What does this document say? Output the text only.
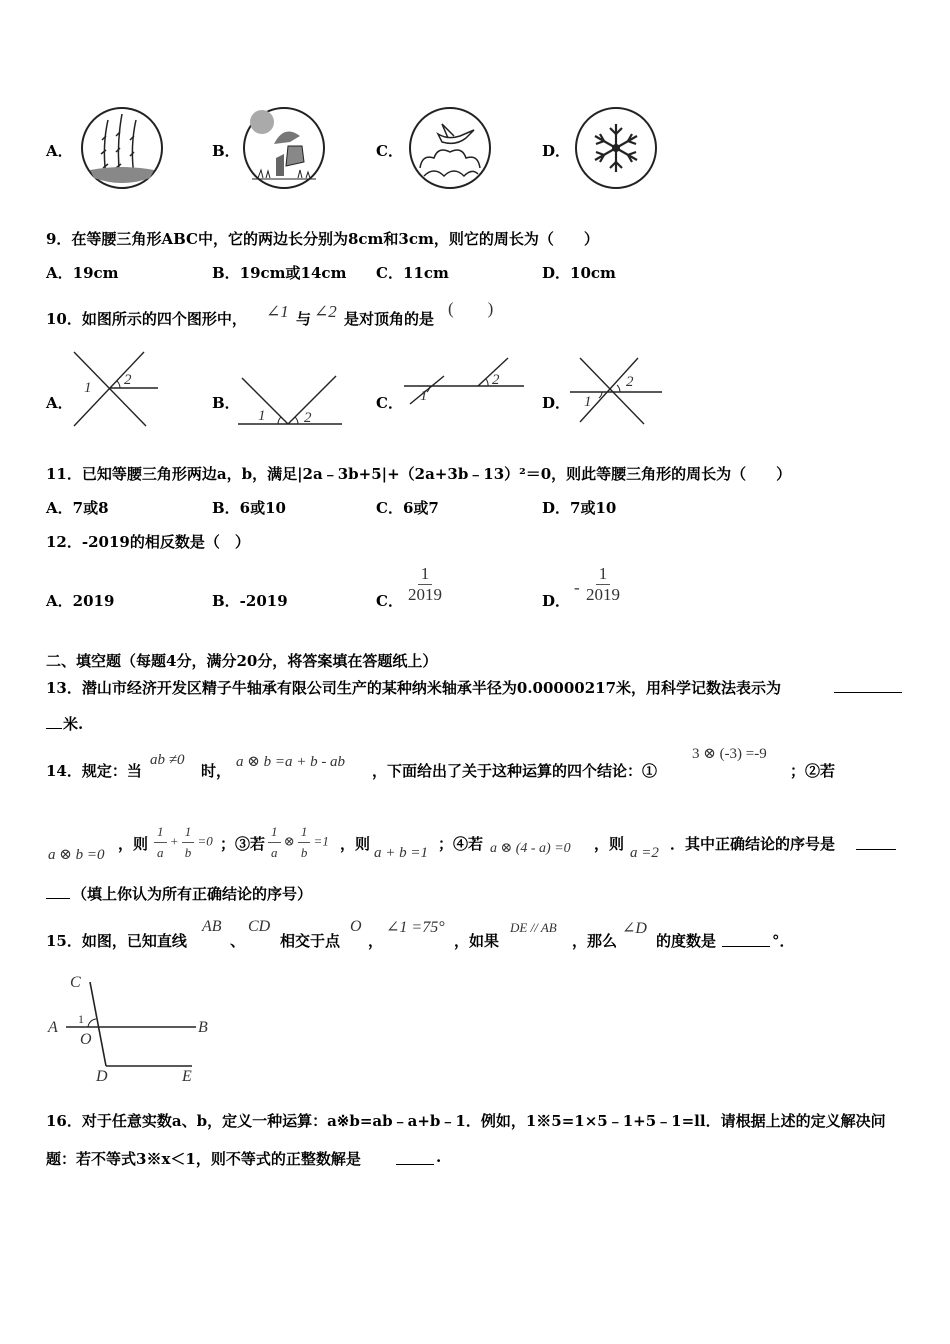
A．	B．	C．	D．
9．在等腰三角形ABC中，它的两边长分别为8cm和3cm，则它的周长为（　　）
A．19cm	B．19cm或14cm C．11cm	D．10cm
10．如图所示的四个图形中， ∠1 与 ∠2 是对顶角的是
(　　)
A．
1 2
B．
1	2
C． 1
2
D． 1
2
11．已知等腰三角形两边a，b，满足|2a﹣3b+5|+（2a+3b﹣13）²＝0，则此等腰三角形的周长为（　　）
A．7或8	B．6或10	C．6或7	D．7或10
12．-2019的相反数是（　）
A．2019	B．-2019	C． $\frac{1}{2019}$	D．
- $\frac{1}{2019}$
二、填空题（每题4分，满分20分，将答案填在答题纸上）
13．潜山市经济开发区精子牛轴承有限公司生产的某种纳米轴承半径为0.00000217米，用科学记数法表示为
米.
14．规定：当
ab ≠0
时， a ⊗ b =a + b - ab ，下面给出了关于这种运算的四个结论：①
3 ⊗ (-3) =-9
；②若
a ⊗ b =0
，则 $\frac{1}{a} + \frac{1}{b} =0$ ；③若 $\frac{1}{a}$ ⊗ $\frac{1}{b} =1$ ，则 a + b =1 ；④若 a ⊗ (4 - a) =0 ，则 a =2 ．其中正确结论的序号是
（填上你认为所有正确结论的序号）
15．如图，已知直线
AB
、
CD
相交于点
O
，
∠1 =75°
，如果
DE // AB
，那么
∠D
的度数是	°．
C
A 1
O
B
D	E
16．对于任意实数a、b，定义一种运算：a※b=ab﹣a+b﹣1．例如，1※5=1×5﹣1+5﹣1=ll．请根据上述的定义解决问
题：若不等式3※x＜1，则不等式的正整数解是	.
